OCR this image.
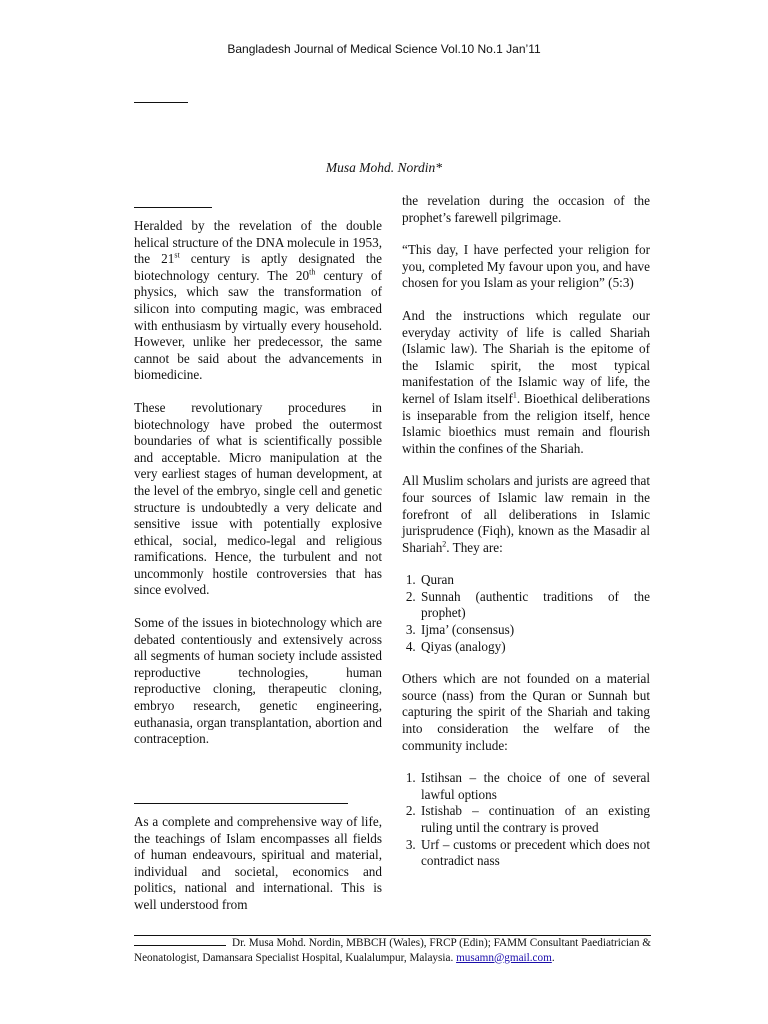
Bangladesh Journal of Medical Science Vol.10 No.1 Jan’11
Musa Mohd. Nordin*

Heralded by the revelation of the double helical structure of the DNA molecule in 1953, the 21st century is aptly designated the biotechnology century. The 20th century of physics, which saw the transformation of silicon into computing magic, was embraced with enthusiasm by virtually every household. However, unlike her predecessor, the same cannot be said about the advancements in biomedicine.

These revolutionary procedures in biotechnology have probed the outermost boundaries of what is scientifically possible and acceptable. Micro manipulation at the very earliest stages of human development, at the level of the embryo, single cell and genetic structure is undoubtedly a very delicate and sensitive issue with potentially explosive ethical, social, medico-legal and religious ramifications. Hence, the turbulent and not uncommonly hostile controversies that has since evolved.

Some of the issues in biotechnology which are debated contentiously and extensively across all segments of human society include assisted reproductive technologies, human reproductive cloning, therapeutic cloning, embryo research, genetic engineering, euthanasia, organ transplantation, abortion and contraception.

As a complete and comprehensive way of life, the teachings of Islam encompasses all fields of human endeavours, spiritual and material, individual and societal, economics and politics, national and international. This is well understood from

the revelation during the occasion of the prophet’s farewell pilgrimage.

“This day, I have perfected your religion for you, completed My favour upon you, and have chosen for you Islam as your religion” (5:3)

And the instructions which regulate our everyday activity of life is called Shariah (Islamic law). The Shariah is the epitome of the Islamic spirit, the most typical manifestation of the Islamic way of life, the kernel of Islam itself$^1$. Bioethical deliberations is inseparable from the religion itself, hence Islamic bioethics must remain and flourish within the confines of the Shariah.

All Muslim scholars and jurists are agreed that four sources of Islamic law remain in the forefront of all deliberations in Islamic jurisprudence (Fiqh), known as the Masadir al Shariah$^2$. They are:

1. Quran
2. Sunnah (authentic traditions of the prophet)
3. Ijma’ (consensus)
4. Qiyas (analogy)

Others which are not founded on a material source (nass) from the Quran or Sunnah but capturing the spirit of the Shariah and taking into consideration the welfare of the community include:

1. Istihsan – the choice of one of several lawful options
2. Istishab – continuation of an existing ruling until the contrary is proved
3. Urf – customs or precedent which does not contradict nass
Dr. Musa Mohd. Nordin, MBBCH (Wales), FRCP (Edin); FAMM Consultant Paediatrician & Neonatologist, Damansara Specialist Hospital, Kualalumpur, Malaysia. musamn@gmail.com.
